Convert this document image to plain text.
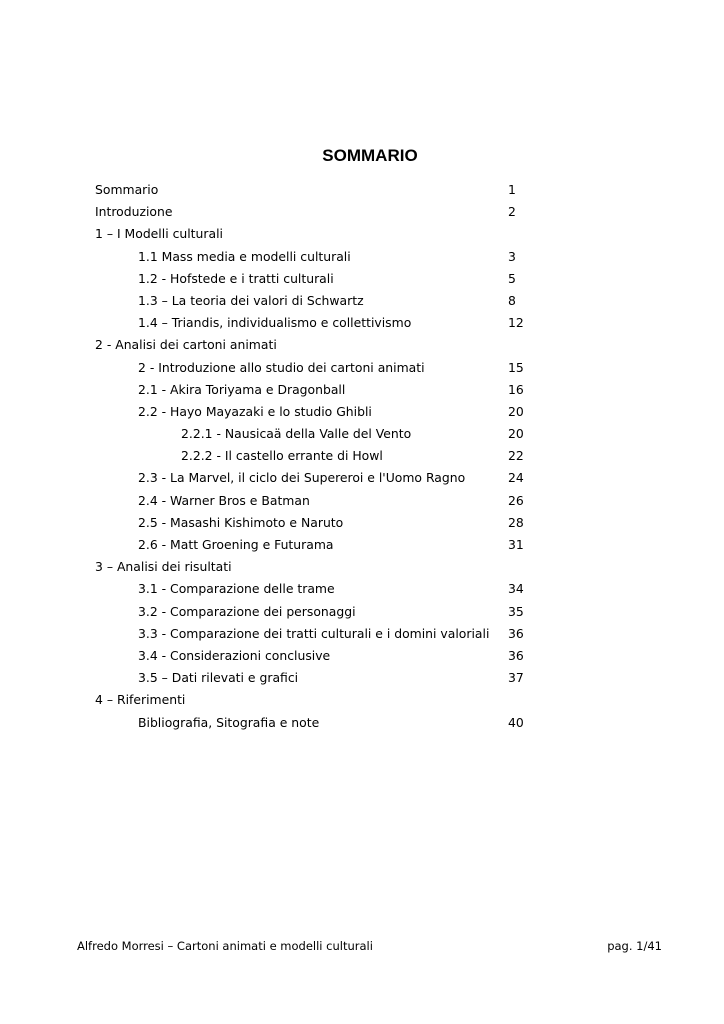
SOMMARIO
Sommario	1
Introduzione	2
1 – I Modelli culturali
1.1 Mass media e modelli culturali	3
1.2 - Hofstede e i tratti culturali	5
1.3 – La teoria dei valori di Schwartz	8
1.4 – Triandis, individualismo e collettivismo	12
2 - Analisi dei cartoni animati
2 - Introduzione allo studio dei cartoni animati	15
2.1 - Akira Toriyama e Dragonball	16
2.2 - Hayo Mayazaki e lo studio Ghibli	20
2.2.1 - Nausicaä della Valle del Vento	20
2.2.2 - Il castello errante di Howl	22
2.3 - La Marvel, il ciclo dei Supereroi e l'Uomo Ragno	24
2.4 - Warner Bros e Batman	26
2.5 - Masashi Kishimoto e Naruto	28
2.6 - Matt Groening e Futurama	31
3 – Analisi dei risultati
3.1 - Comparazione delle trame	34
3.2 - Comparazione dei personaggi	35
3.3 - Comparazione dei tratti culturali e i domini valoriali 36
3.4 - Considerazioni conclusive	36
3.5 – Dati rilevati e grafici	37
4 – Riferimenti
Bibliografia, Sitografia e note	40
Alfredo Morresi – Cartoni animati e modelli culturali	pag. 1/41
